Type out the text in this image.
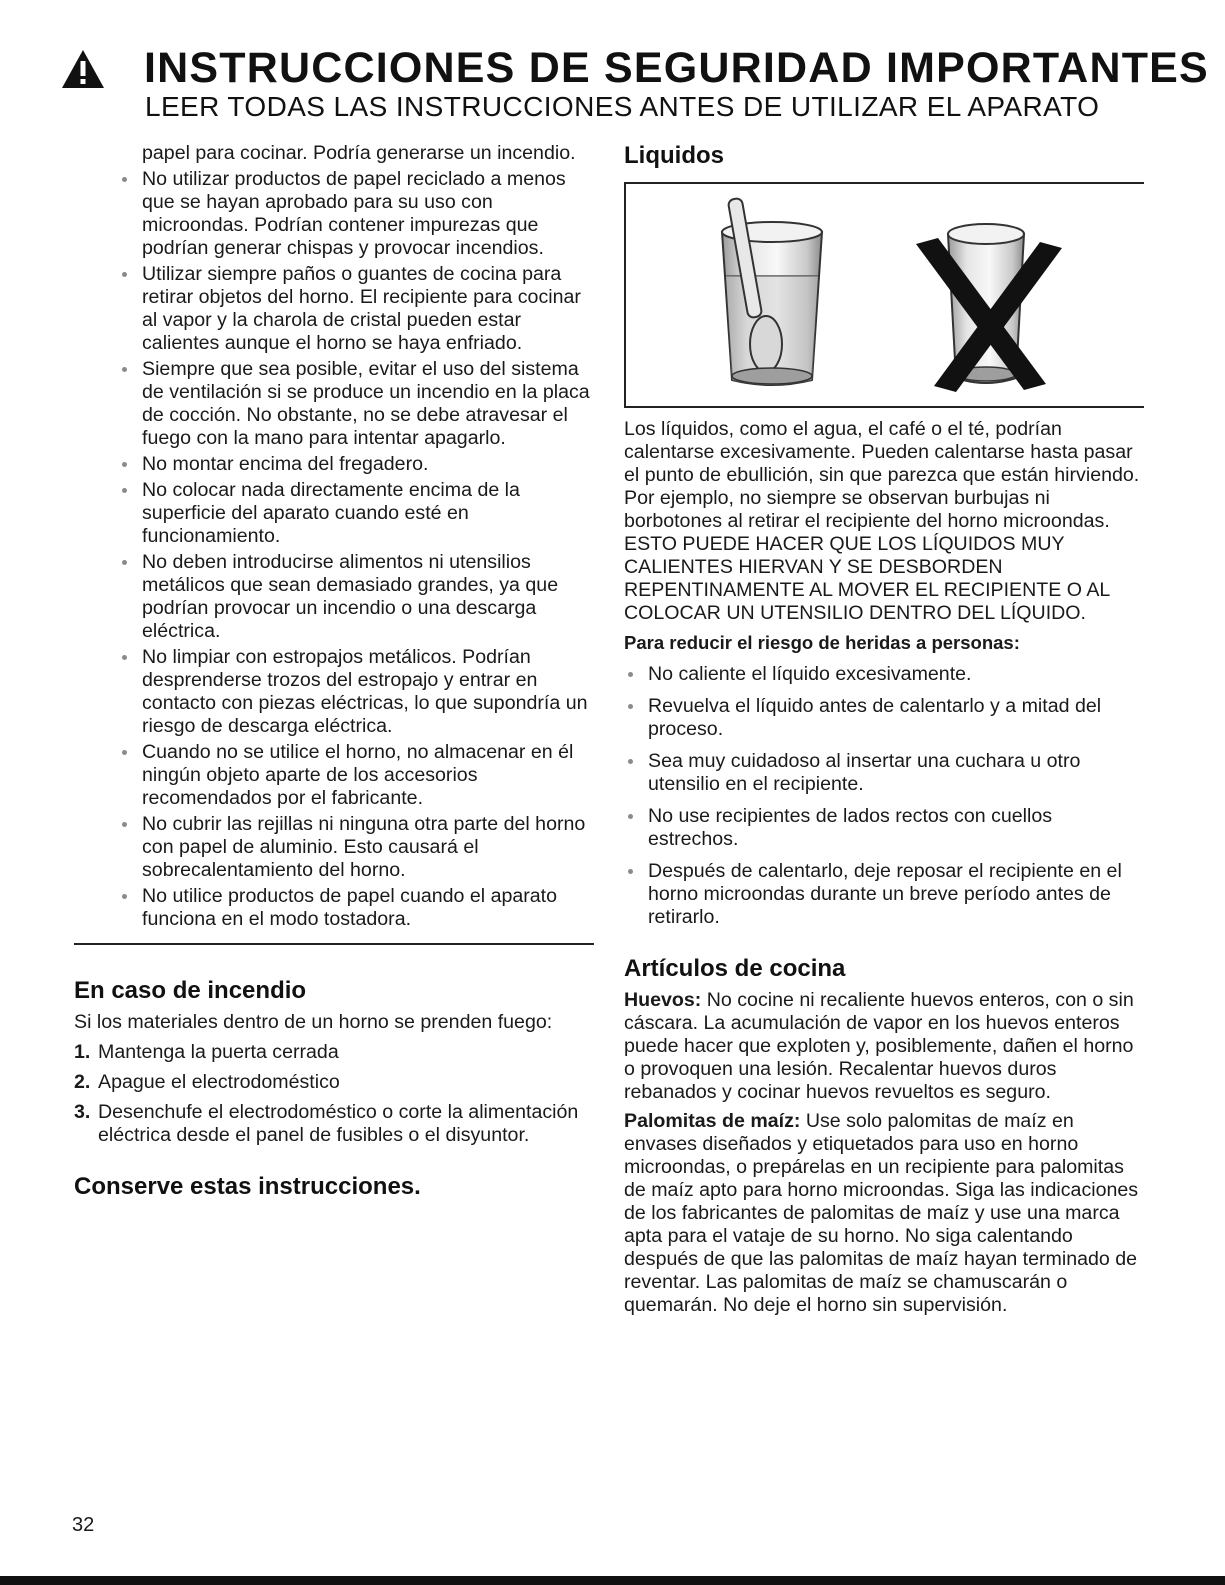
INSTRUCCIONES DE SEGURIDAD IMPORTANTES
LEER TODAS LAS INSTRUCCIONES ANTES DE UTILIZAR EL APARATO

papel para cocinar. Podría generarse un incendio.

No utilizar productos de papel reciclado a menos que se hayan aprobado para su uso con microondas. Podrían contener impurezas que podrían generar chispas y provocar incendios.
Utilizar siempre paños o guantes de cocina para retirar objetos del horno. El recipiente para cocinar al vapor y la charola de cristal pueden estar calientes aunque el horno se haya enfriado.
Siempre que sea posible, evitar el uso del sistema de ventilación si se produce un incendio en la placa de cocción. No obstante, no se debe atravesar el fuego con la mano para intentar apagarlo.
No montar encima del fregadero.
No colocar nada directamente encima de la superficie del aparato cuando esté en funcionamiento.
No deben introducirse alimentos ni utensilios metálicos que sean demasiado grandes, ya que podrían provocar un incendio o una descarga eléctrica.
No limpiar con estropajos metálicos. Podrían desprenderse trozos del estropajo y entrar en contacto con piezas eléctricas, lo que supondría un riesgo de descarga eléctrica.
Cuando no se utilice el horno, no almacenar en él ningún objeto aparte de los accesorios recomendados por el fabricante.
No cubrir las rejillas ni ninguna otra parte del horno con papel de aluminio. Esto causará el sobrecalentamiento del horno.
No utilice productos de papel cuando el aparato funciona en el modo tostadora.
En caso de incendio

Si los materiales dentro de un horno se prenden fuego:

1. Mantenga la puerta cerrada
2. Apague el electrodoméstico
3. Desenchufe el electrodoméstico o corte la alimentación eléctrica desde el panel de fusibles o el disyuntor.
Conserve estas instrucciones.
Liquidos

Los líquidos, como el agua, el café o el té, podrían calentarse excesivamente. Pueden calentarse hasta pasar el punto de ebullición, sin que parezca que están hirviendo. Por ejemplo, no siempre se observan burbujas ni borbotones al retirar el recipiente del horno microondas. ESTO PUEDE HACER QUE LOS LÍQUIDOS MUY CALIENTES HIERVAN Y SE DESBORDEN REPENTINAMENTE AL MOVER EL RECIPIENTE O AL COLOCAR UN UTENSILIO DENTRO DEL LÍQUIDO.

Para reducir el riesgo de heridas a personas:

No caliente el líquido excesivamente.
Revuelva el líquido antes de calentarlo y a mitad del proceso.
Sea muy cuidadoso al insertar una cuchara u otro utensilio en el recipiente.
No use recipientes de lados rectos con cuellos estrechos.
Después de calentarlo, deje reposar el recipiente en el horno microondas durante un breve período antes de retirarlo.
Artículos de cocina

Huevos: No cocine ni recaliente huevos enteros, con o sin cáscara. La acumulación de vapor en los huevos enteros puede hacer que exploten y, posiblemente, dañen el horno o provoquen una lesión. Recalentar huevos duros rebanados y cocinar huevos revueltos es seguro.

Palomitas de maíz: Use solo palomitas de maíz en envases diseñados y etiquetados para uso en horno microondas, o prepárelas en un recipiente para palomitas de maíz apto para horno microondas. Siga las indicaciones de los fabricantes de palomitas de maíz y use una marca apta para el vataje de su horno. No siga calentando después de que las palomitas de maíz hayan terminado de reventar. Las palomitas de maíz se chamuscarán o quemarán. No deje el horno sin supervisión.

32
